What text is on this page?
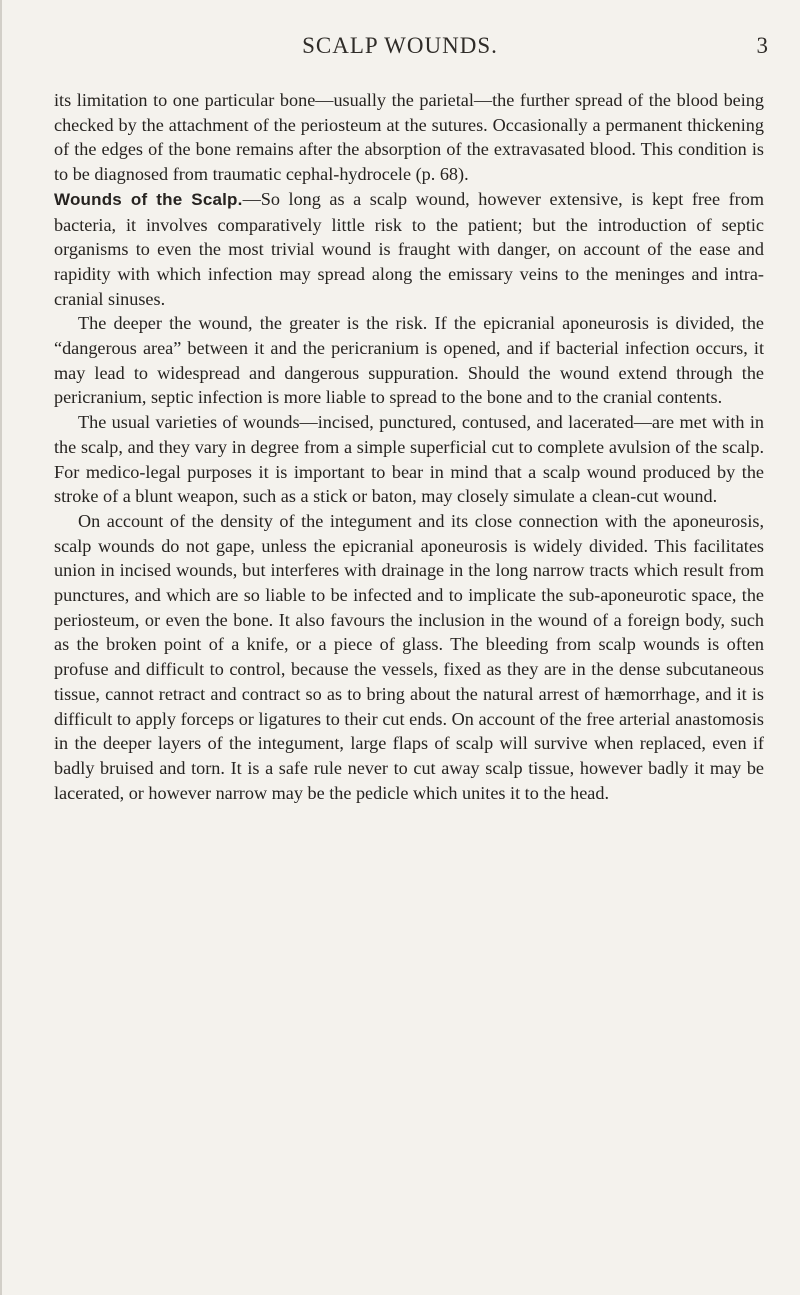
SCALP WOUNDS.	3

its limitation to one particular bone—usually the parietal—the further spread of the blood being checked by the attachment of the periosteum at the sutures. Occasionally a permanent thickening of the edges of the bone remains after the absorption of the extravasated blood. This condition is to be diagnosed from traumatic cephal-hydrocele (p. 68).

Wounds of the Scalp.—So long as a scalp wound, however extensive, is kept free from bacteria, it involves comparatively little risk to the patient; but the introduction of septic organisms to even the most trivial wound is fraught with danger, on account of the ease and rapidity with which infection may spread along the emissary veins to the meninges and intra-cranial sinuses.

The deeper the wound, the greater is the risk. If the epicranial aponeurosis is divided, the “dangerous area” between it and the pericranium is opened, and if bacterial infection occurs, it may lead to widespread and dangerous suppuration. Should the wound extend through the pericranium, septic infection is more liable to spread to the bone and to the cranial contents.

The usual varieties of wounds—incised, punctured, contused, and lacerated—are met with in the scalp, and they vary in degree from a simple superficial cut to complete avulsion of the scalp. For medico-legal purposes it is important to bear in mind that a scalp wound produced by the stroke of a blunt weapon, such as a stick or baton, may closely simulate a clean-cut wound.

On account of the density of the integument and its close connection with the aponeurosis, scalp wounds do not gape, unless the epicranial aponeurosis is widely divided. This facilitates union in incised wounds, but interferes with drainage in the long narrow tracts which result from punctures, and which are so liable to be infected and to implicate the sub-aponeurotic space, the periosteum, or even the bone. It also favours the inclusion in the wound of a foreign body, such as the broken point of a knife, or a piece of glass. The bleeding from scalp wounds is often profuse and difficult to control, because the vessels, fixed as they are in the dense subcutaneous tissue, cannot retract and contract so as to bring about the natural arrest of hæmorrhage, and it is difficult to apply forceps or ligatures to their cut ends. On account of the free arterial anastomosis in the deeper layers of the integument, large flaps of scalp will survive when replaced, even if badly bruised and torn. It is a safe rule never to cut away scalp tissue, however badly it may be lacerated, or however narrow may be the pedicle which unites it to the head.
